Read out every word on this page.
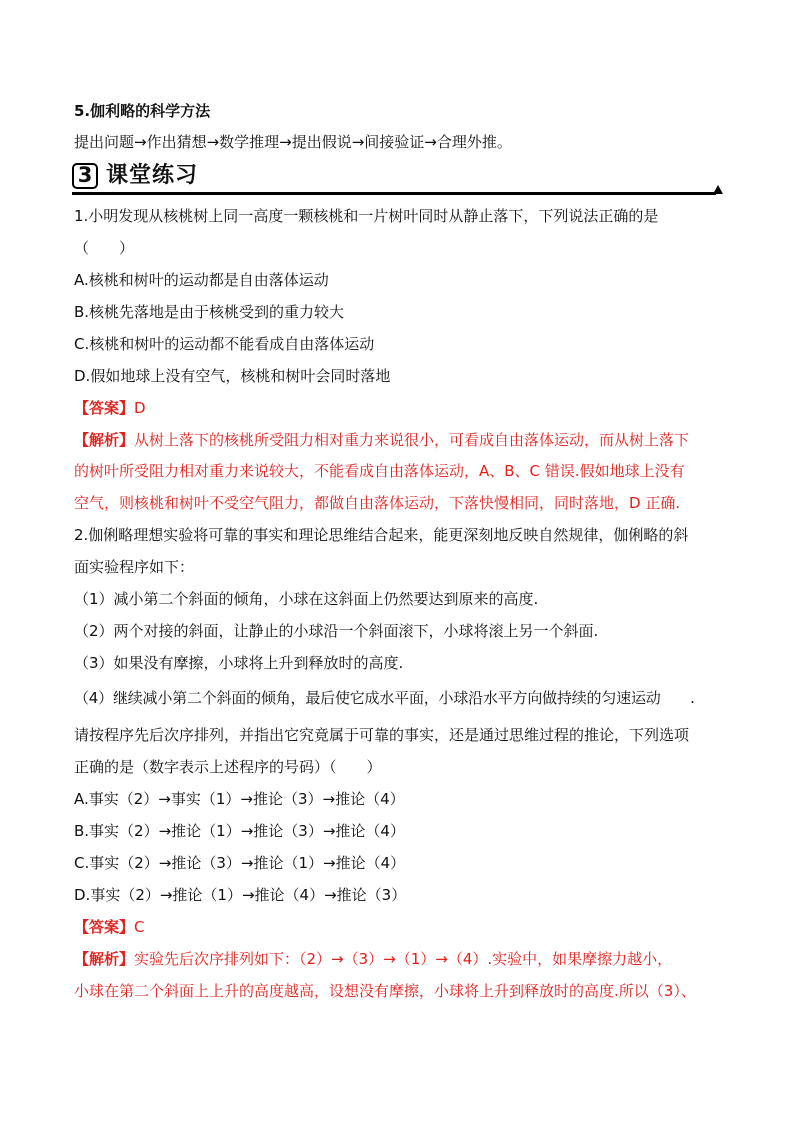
5.伽利略的科学方法
提出问题→作出猜想→数学推理→提出假说→间接验证→合理外推。
3 课堂练习
1.小明发现从核桃树上同一高度一颗核桃和一片树叶同时从静止落下，下列说法正确的是
（　　）
A.核桃和树叶的运动都是自由落体运动
B.核桃先落地是由于核桃受到的重力较大
C.核桃和树叶的运动都不能看成自由落体运动
D.假如地球上没有空气，核桃和树叶会同时落地
【答案】D
【解析】从树上落下的核桃所受阻力相对重力来说很小，可看成自由落体运动，而从树上落下
的树叶所受阻力相对重力来说较大，不能看成自由落体运动，A、B、C 错误.假如地球上没有
空气，则核桃和树叶不受空气阻力，都做自由落体运动，下落快慢相同，同时落地，D 正确.
2.伽俐略理想实验将可靠的事实和理论思维结合起来，能更深刻地反映自然规律，伽俐略的斜
面实验程序如下：
（1）减小第二个斜面的倾角，小球在这斜面上仍然要达到原来的高度.
（2）两个对接的斜面，让静止的小球沿一个斜面滚下，小球将滚上另一个斜面.
（3）如果没有摩擦，小球将上升到释放时的高度.
（4）继续减小第二个斜面的倾角，最后使它成水平面，小球沿水平方向做持续的匀速运动　　.
请按程序先后次序排列，并指出它究竟属于可靠的事实，还是通过思维过程的推论，下列选项
正确的是（数字表示上述程序的号码）（　　）
A.事实（2）→事实（1）→推论（3）→推论（4）
B.事实（2）→推论（1）→推论（3）→推论（4）
C.事实（2）→推论（3）→推论（1）→推论（4）
D.事实（2）→推论（1）→推论（4）→推论（3）
【答案】C
【解析】实验先后次序排列如下：（2）→（3）→（1）→（4）.实验中，如果摩擦力越小，
小球在第二个斜面上上升的高度越高，设想没有摩擦，小球将上升到释放时的高度.所以（3）、
